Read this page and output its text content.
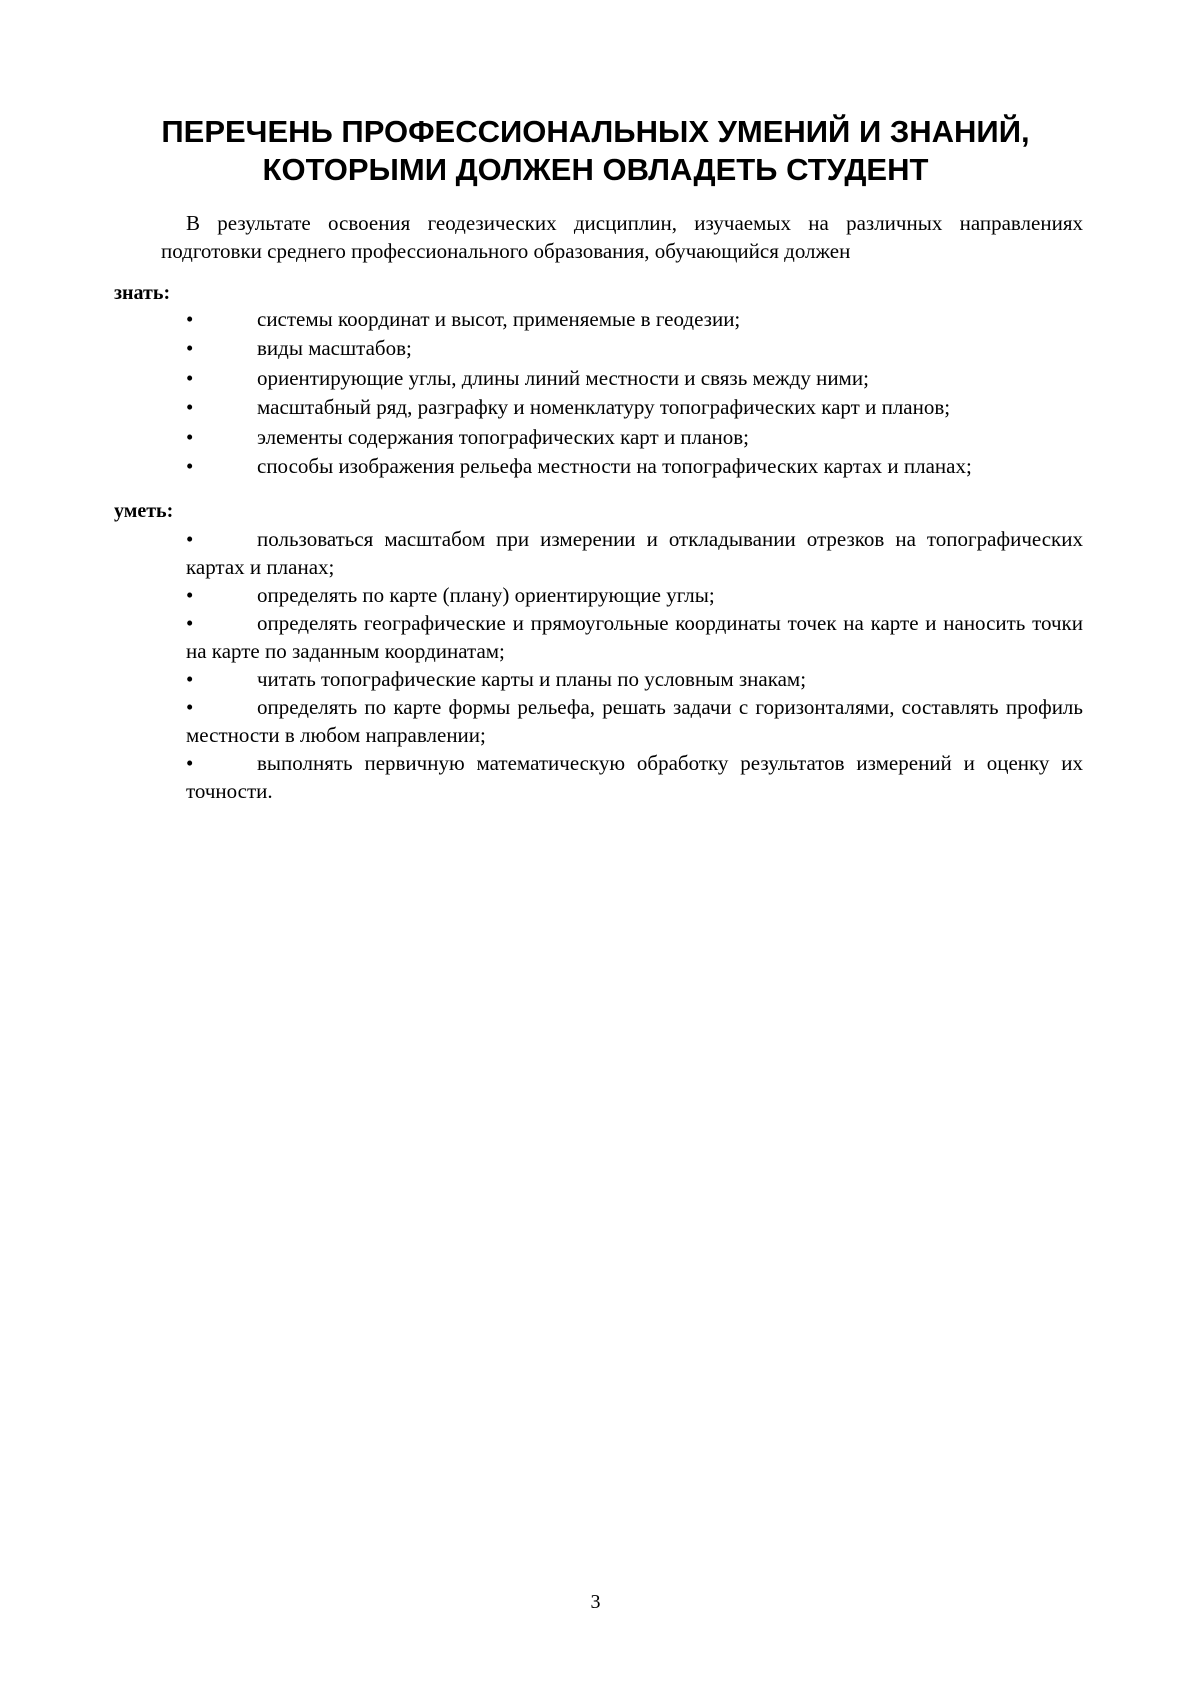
ПЕРЕЧЕНЬ ПРОФЕССИОНАЛЬНЫХ УМЕНИЙ И ЗНАНИЙ,
КОТОРЫМИ ДОЛЖЕН ОВЛАДЕТЬ СТУДЕНТ

В результате освоения геодезических дисциплин, изучаемых на различных направлениях подготовки среднего профессионального образования, обучающийся должен

знать:

•	системы координат и высот, применяемые в геодезии;
•	виды масштабов;
•	ориентирующие углы, длины линий местности и связь между ними;
•	масштабный ряд, разграфку и номенклатуру топографических карт и планов;
•	элементы содержания топографических карт и планов;
•	способы изображения рельефа местности на топографических картах и планах;

уметь:

•	пользоваться масштабом при измерении и откладывании отрезков на топографических картах и планах;
•	определять по карте (плану) ориентирующие углы;
•	определять географические и прямоугольные координаты точек на карте и наносить точки на карте по заданным координатам;
•	читать топографические карты и планы по условным знакам;
•	определять по карте формы рельефа, решать задачи с горизонталями, составлять профиль местности в любом направлении;
•	выполнять первичную математическую обработку результатов измерений и оценку их точности.

3
